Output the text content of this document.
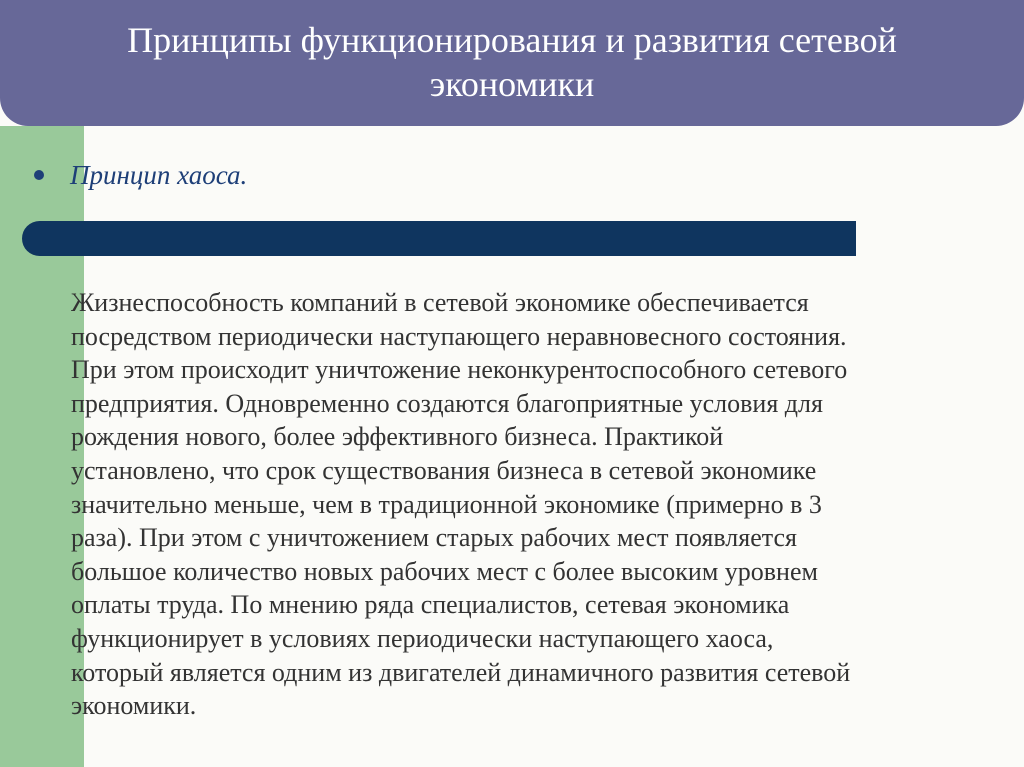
Принципы функционирования и развития сетевой
экономики
Принцип хаоса.

Жизнеспособность компаний в сетевой экономике обеспечивается
посредством периодически наступающего неравновесного состояния.
При этом происходит уничтожение неконкурентоспособного сетевого
предприятия. Одновременно создаются благоприятные условия для
рождения нового, более эффективного бизнеса. Практикой
установлено, что срок существования бизнеса в сетевой экономике
значительно меньше, чем в традиционной экономике (примерно в 3
раза). При этом с уничтожением старых рабочих мест появляется
большое количество новых рабочих мест с более высоким уровнем
оплаты труда. По мнению ряда специалистов, сетевая экономика
функционирует в условиях периодически наступающего хаоса,
который является одним из двигателей динамичного развития сетевой
экономики.
